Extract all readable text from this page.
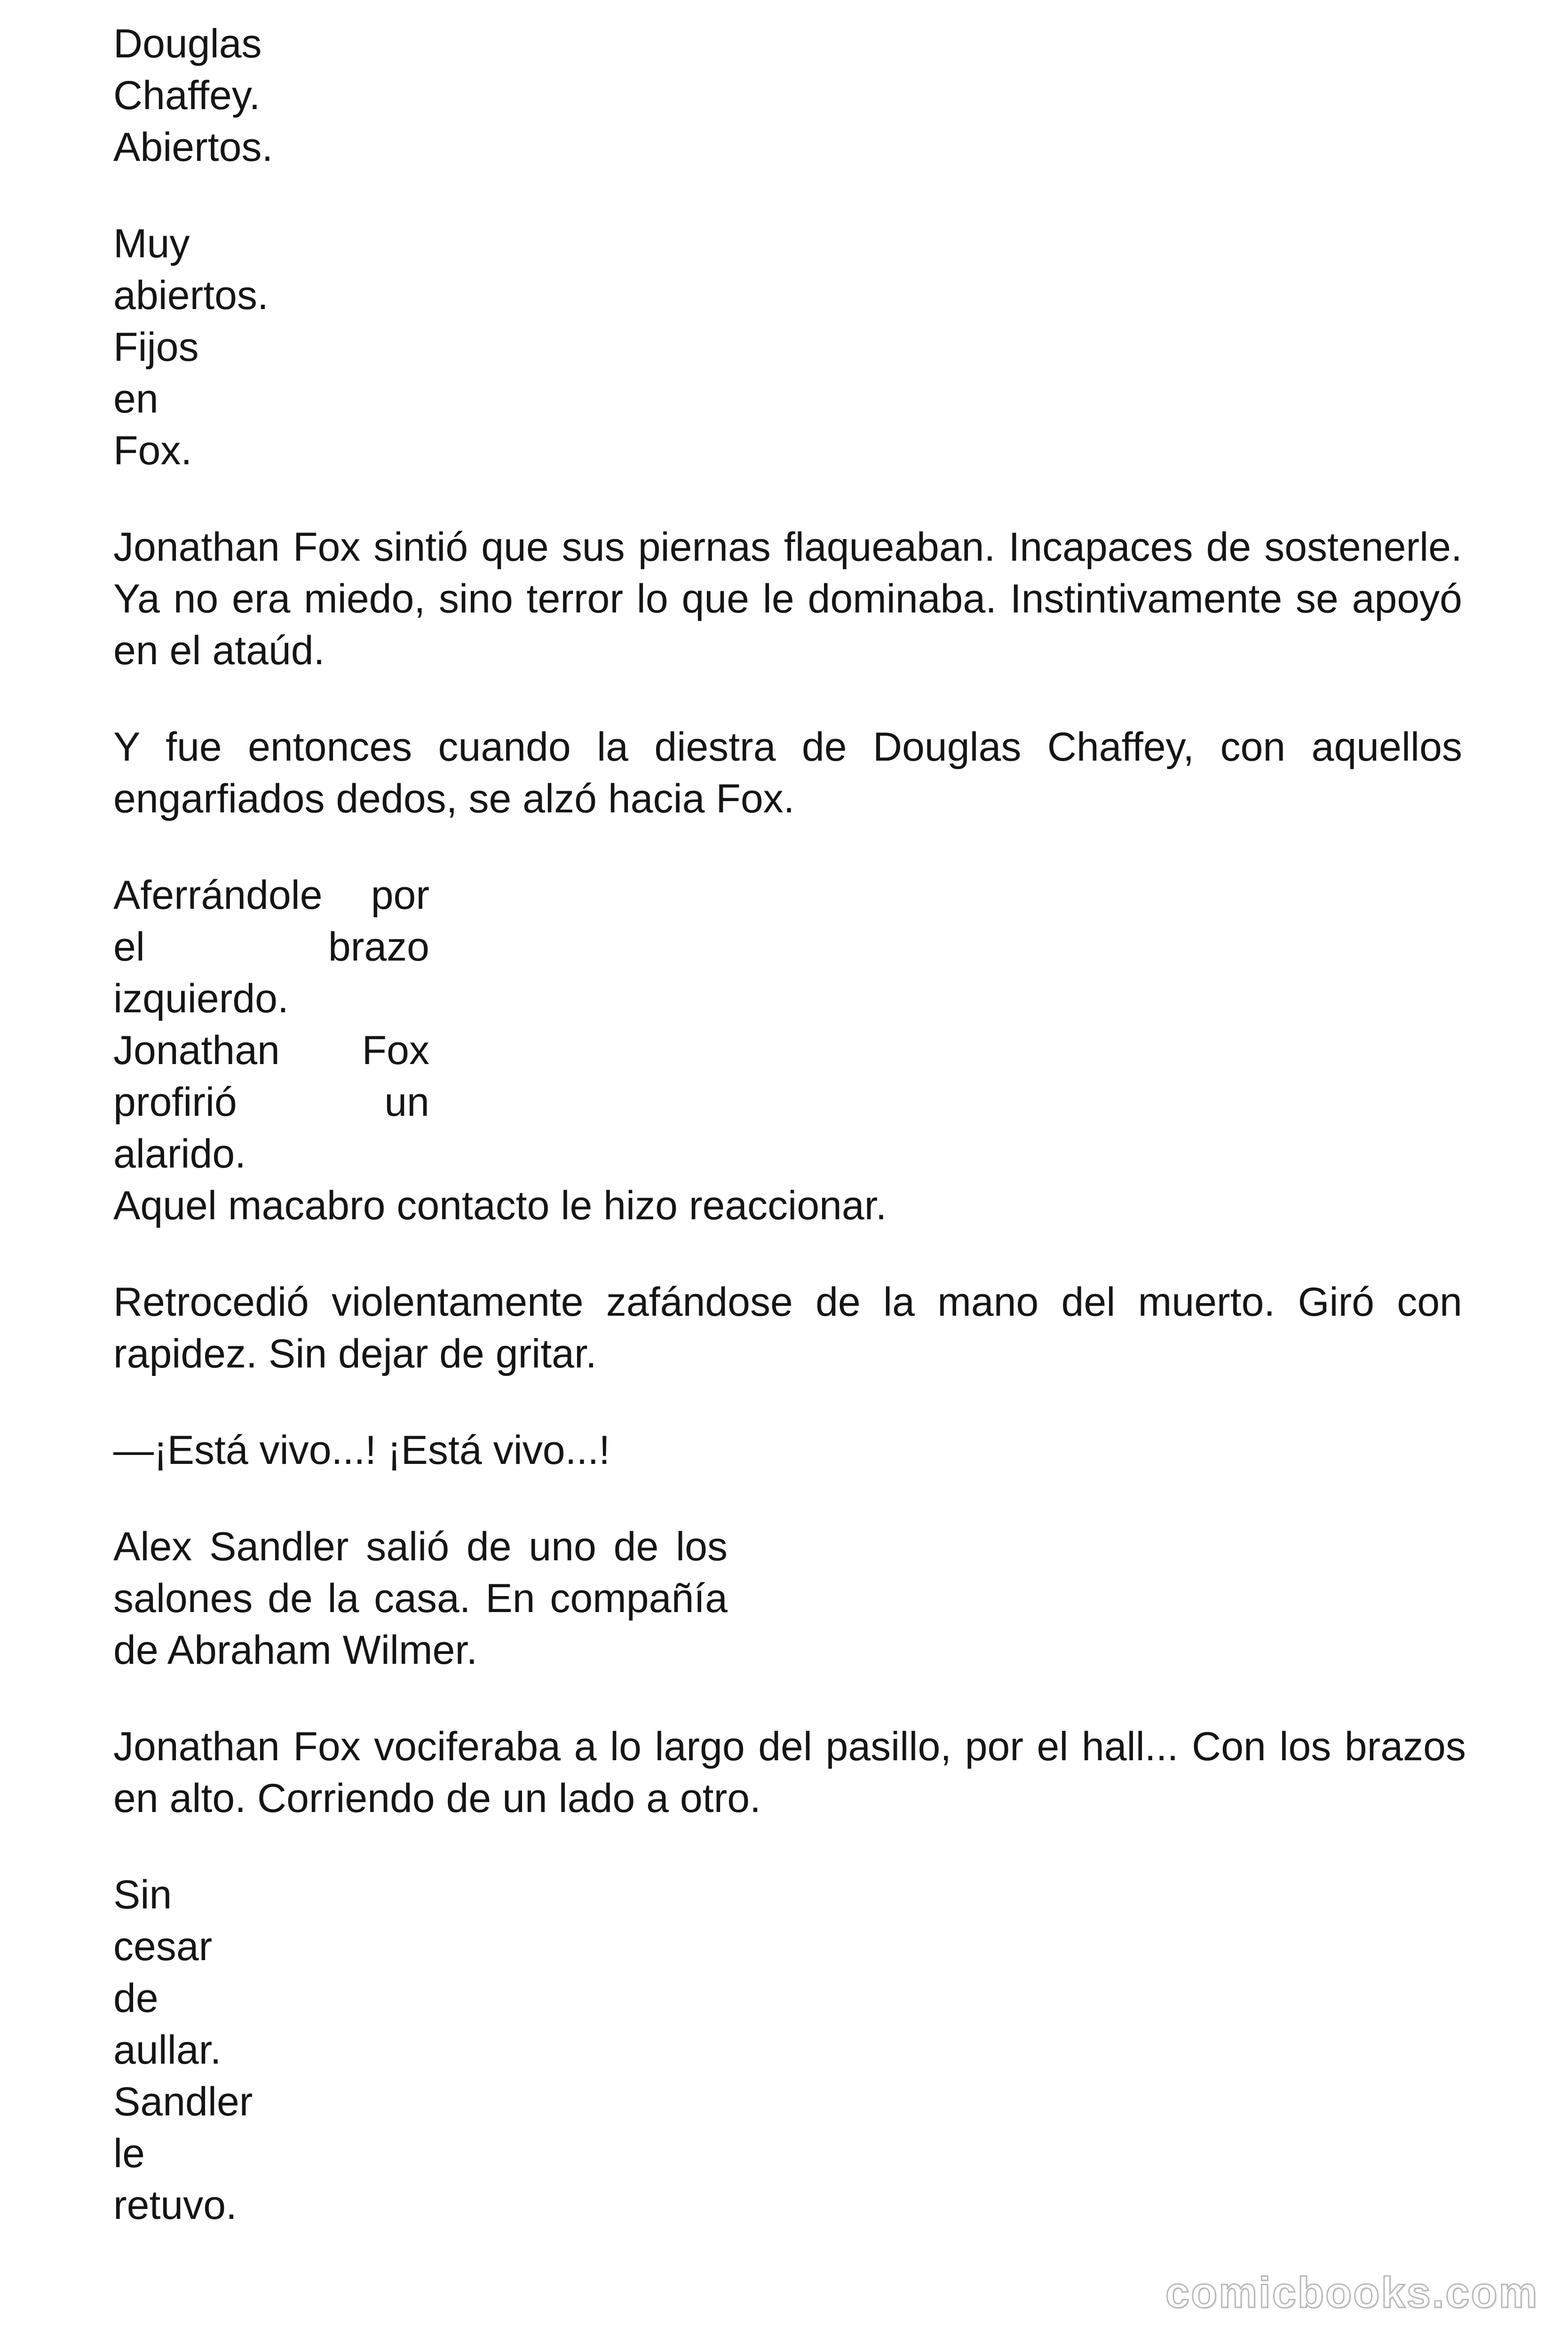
Douglas
Chaffey.
Abiertos.

Muy
abiertos.
Fijos
en
Fox.

Jonathan Fox sintió que sus piernas flaqueaban. Incapaces de sostenerle. Ya no era miedo, sino terror lo que le dominaba. Instintivamente se apoyó en el ataúd.

Y fue entonces cuando la diestra de Douglas Chaffey, con aquellos engarfiados dedos, se alzó hacia Fox.

Aferrándole por el brazo izquierdo.
Jonathan Fox profirió un alarido.
Aquel macabro contacto le hizo reaccionar.

Retrocedió violentamente zafándose de la mano del muerto. Giró con rapidez. Sin dejar de gritar.

—¡Está vivo...! ¡Está vivo...!

Alex Sandler salió de uno de los salones de la casa. En compañía de Abraham Wilmer.

Jonathan Fox vociferaba a lo largo del pasillo, por el hall... Con los brazos en alto. Corriendo de un lado a otro.

Sin
cesar
de
aullar.
Sandler
le
retuvo.

comicbooks.com
